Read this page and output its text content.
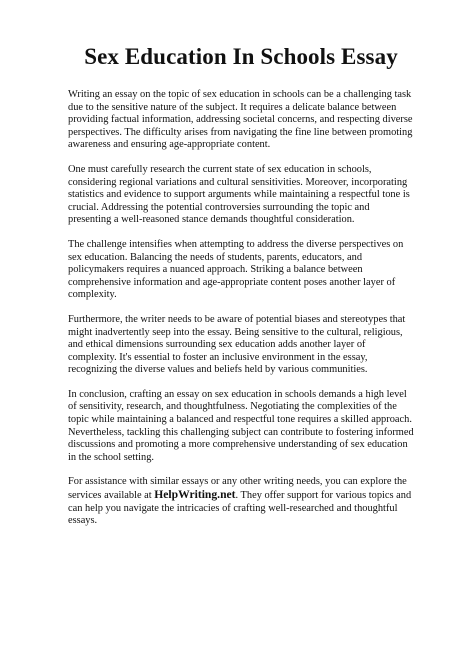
Sex Education In Schools Essay

Writing an essay on the topic of sex education in schools can be a challenging task due to the sensitive nature of the subject. It requires a delicate balance between providing factual information, addressing societal concerns, and respecting diverse perspectives. The difficulty arises from navigating the fine line between promoting awareness and ensuring age-appropriate content.

One must carefully research the current state of sex education in schools, considering regional variations and cultural sensitivities. Moreover, incorporating statistics and evidence to support arguments while maintaining a respectful tone is crucial. Addressing the potential controversies surrounding the topic and presenting a well-reasoned stance demands thoughtful consideration.

The challenge intensifies when attempting to address the diverse perspectives on sex education. Balancing the needs of students, parents, educators, and policymakers requires a nuanced approach. Striking a balance between comprehensive information and age-appropriate content poses another layer of complexity.

Furthermore, the writer needs to be aware of potential biases and stereotypes that might inadvertently seep into the essay. Being sensitive to the cultural, religious, and ethical dimensions surrounding sex education adds another layer of complexity. It's essential to foster an inclusive environment in the essay, recognizing the diverse values and beliefs held by various communities.

In conclusion, crafting an essay on sex education in schools demands a high level of sensitivity, research, and thoughtfulness. Negotiating the complexities of the topic while maintaining a balanced and respectful tone requires a skilled approach. Nevertheless, tackling this challenging subject can contribute to fostering informed discussions and promoting a more comprehensive understanding of sex education in the school setting.

For assistance with similar essays or any other writing needs, you can explore the services available at HelpWriting.net. They offer support for various topics and can help you navigate the intricacies of crafting well-researched and thoughtful essays.
